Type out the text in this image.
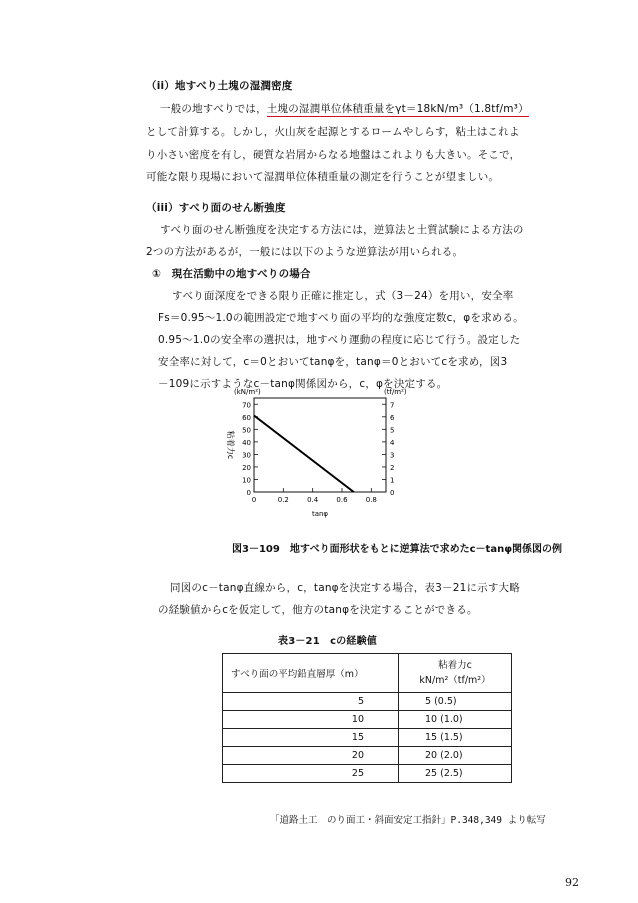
（ii）地すべり土塊の湿潤密度
一般の地すべりでは，土塊の湿潤単位体積重量をγt＝18kN/m³（1.8tf/m³）
として計算する。しかし，火山灰を起源とするロームやしらす，粘土はこれよ
り小さい密度を有し，硬質な岩屑からなる地盤はこれよりも大きい。そこで，
可能な限り現場において湿潤単位体積重量の測定を行うことが望ましい。
（iii）すべり面のせん断強度
すべり面のせん断強度を決定する方法には，逆算法と土質試験による方法の
2つの方法があるが，一般には以下のような逆算法が用いられる。
①　現在活動中の地すべりの場合
すべり面深度をできる限り正確に推定し，式（3－24）を用い，安全率
Fs＝0.95～1.0の範囲設定で地すべり面の平均的な強度定数c，φを求める。
0.95～1.0の安全率の選択は，地すべり運動の程度に応じて行う。設定した
安全率に対して，c＝0とおいてtanφを，tanφ＝0とおいてcを求め，図3
－109に示すようなc－tanφ関係図から，c，φを決定する。
0
10
20
30
40
50
60
70
0
1
2
3
4
5
6
7
0	0.2	0.4	0.6	0.8
(kN/m²)	(tf/m²)
tanφ
粘着力c
図3－109　地すべり面形状をもとに逆算法で求めたc－tanφ関係図の例
同図のc－tanφ直線から，c，tanφを決定する場合，表3－21に示す大略
の経験値からcを仮定して，他方のtanφを決定することができる。
表3－21　cの経験値
すべり面の平均鉛直層厚（m）	粘着力c
kN/m²（tf/m²）

5	5 (0.5)
10	10 (1.0)
15	15 (1.5)
20	20 (2.0)
25	25 (2.5)
「道路土工　のり面工・斜面安定工指針」P.348,349 より転写
92
